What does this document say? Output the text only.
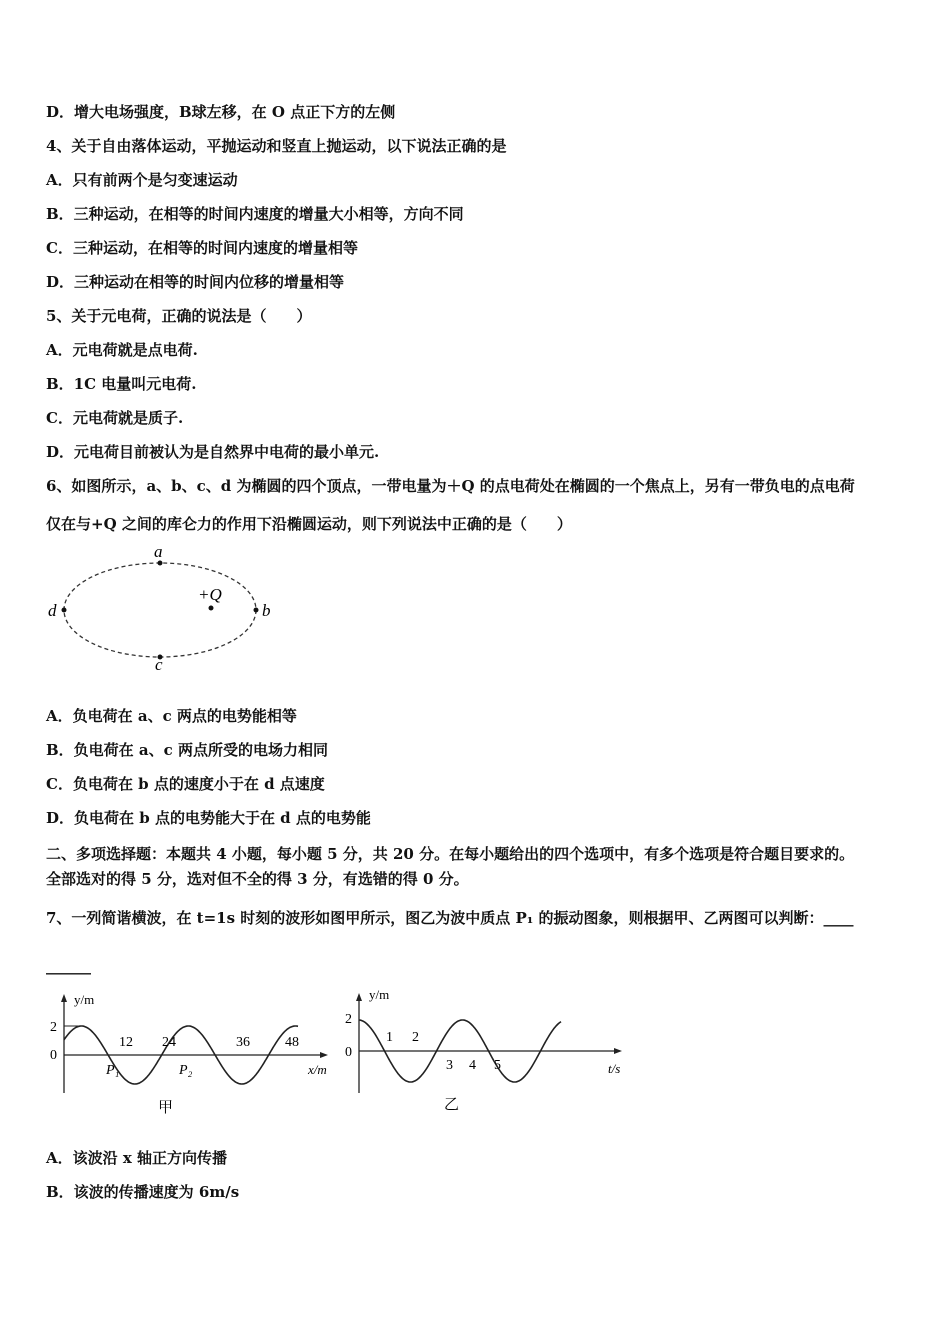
D．增大电场强度，B球左移，在 O 点正下方的左侧
4、关于自由落体运动，平抛运动和竖直上抛运动，以下说法正确的是
A．只有前两个是匀变速运动
B．三种运动，在相等的时间内速度的增量大小相等，方向不同
C．三种运动，在相等的时间内速度的增量相等
D．三种运动在相等的时间内位移的增量相等
5、关于元电荷，正确的说法是（　　）
A．元电荷就是点电荷.
B．1C 电量叫元电荷.
C．元电荷就是质子.
D．元电荷目前被认为是自然界中电荷的最小单元.
6、如图所示，a、b、c、d 为椭圆的四个顶点，一带电量为＋Q 的点电荷处在椭圆的一个焦点上，另有一带负电的点电荷
仅在与+Q 之间的库仑力的作用下沿椭圆运动，则下列说法中正确的是（　　）
a
b
c
d
+Q
A．负电荷在 a、c 两点的电势能相等
B．负电荷在 a、c 两点所受的电场力相同
C．负电荷在 b 点的速度小于在 d 点速度
D．负电荷在 b 点的电势能大于在 d 点的电势能
二、多项选择题：本题共 4 小题，每小题 5 分，共 20 分。在每小题给出的四个选项中，有多个选项是符合题目要求的。
全部选对的得 5 分，选对但不全的得 3 分，有选错的得 0 分。
7、一列简谐横波，在 t=1s 时刻的波形如图甲所示，图乙为波中质点 P₁ 的振动图象，则根据甲、乙两图可以判断：____
______
y/m
2
0
12 24	36	48
P₁	P₂	x/m
甲
y/m
2
0
1 2
3 4 5	t/s
乙
A．该波沿 x 轴正方向传播
B．该波的传播速度为 6m/s
